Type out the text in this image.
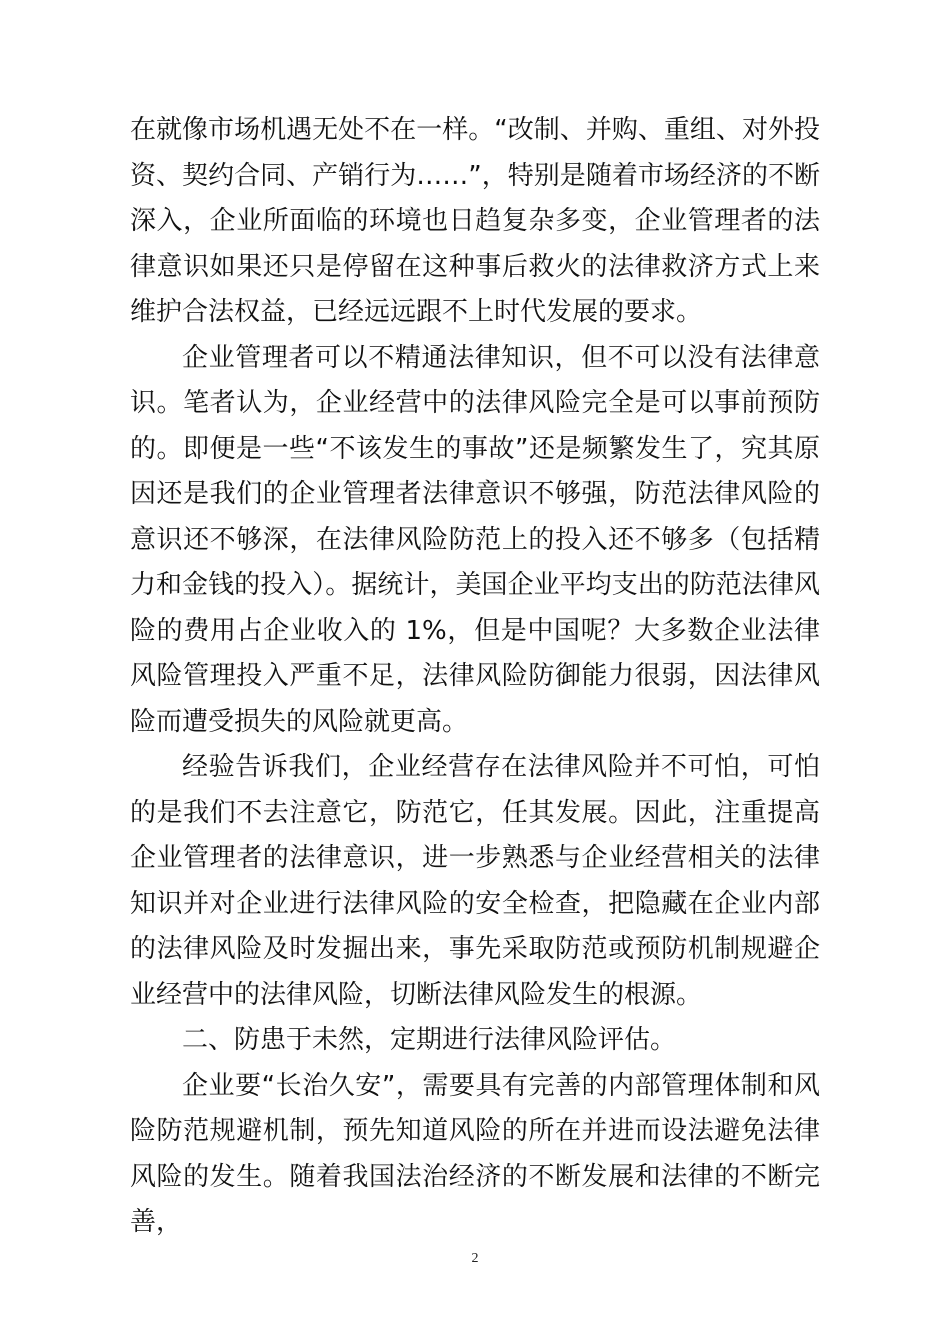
在就像市场机遇无处不在一样。“改制、并购、重组、对外投资、契约合同、产销行为……”，特别是随着市场经济的不断深入，企业所面临的环境也日趋复杂多变，企业管理者的法律意识如果还只是停留在这种事后救火的法律救济方式上来维护合法权益，已经远远跟不上时代发展的要求。

企业管理者可以不精通法律知识，但不可以没有法律意识。笔者认为，企业经营中的法律风险完全是可以事前预防的。即便是一些“不该发生的事故”还是频繁发生了，究其原因还是我们的企业管理者法律意识不够强，防范法律风险的意识还不够深，在法律风险防范上的投入还不够多（包括精力和金钱的投入）。据统计，美国企业平均支出的防范法律风险的费用占企业收入的 1%，但是中国呢？大多数企业法律风险管理投入严重不足，法律风险防御能力很弱，因法律风险而遭受损失的风险就更高。

经验告诉我们，企业经营存在法律风险并不可怕，可怕的是我们不去注意它，防范它，任其发展。因此，注重提高企业管理者的法律意识，进一步熟悉与企业经营相关的法律知识并对企业进行法律风险的安全检查，把隐藏在企业内部的法律风险及时发掘出来，事先采取防范或预防机制规避企业经营中的法律风险，切断法律风险发生的根源。

二、防患于未然，定期进行法律风险评估。

企业要“长治久安”，需要具有完善的内部管理体制和风险防范规避机制，预先知道风险的所在并进而设法避免法律风险的发生。随着我国法治经济的不断发展和法律的不断完善，

2
